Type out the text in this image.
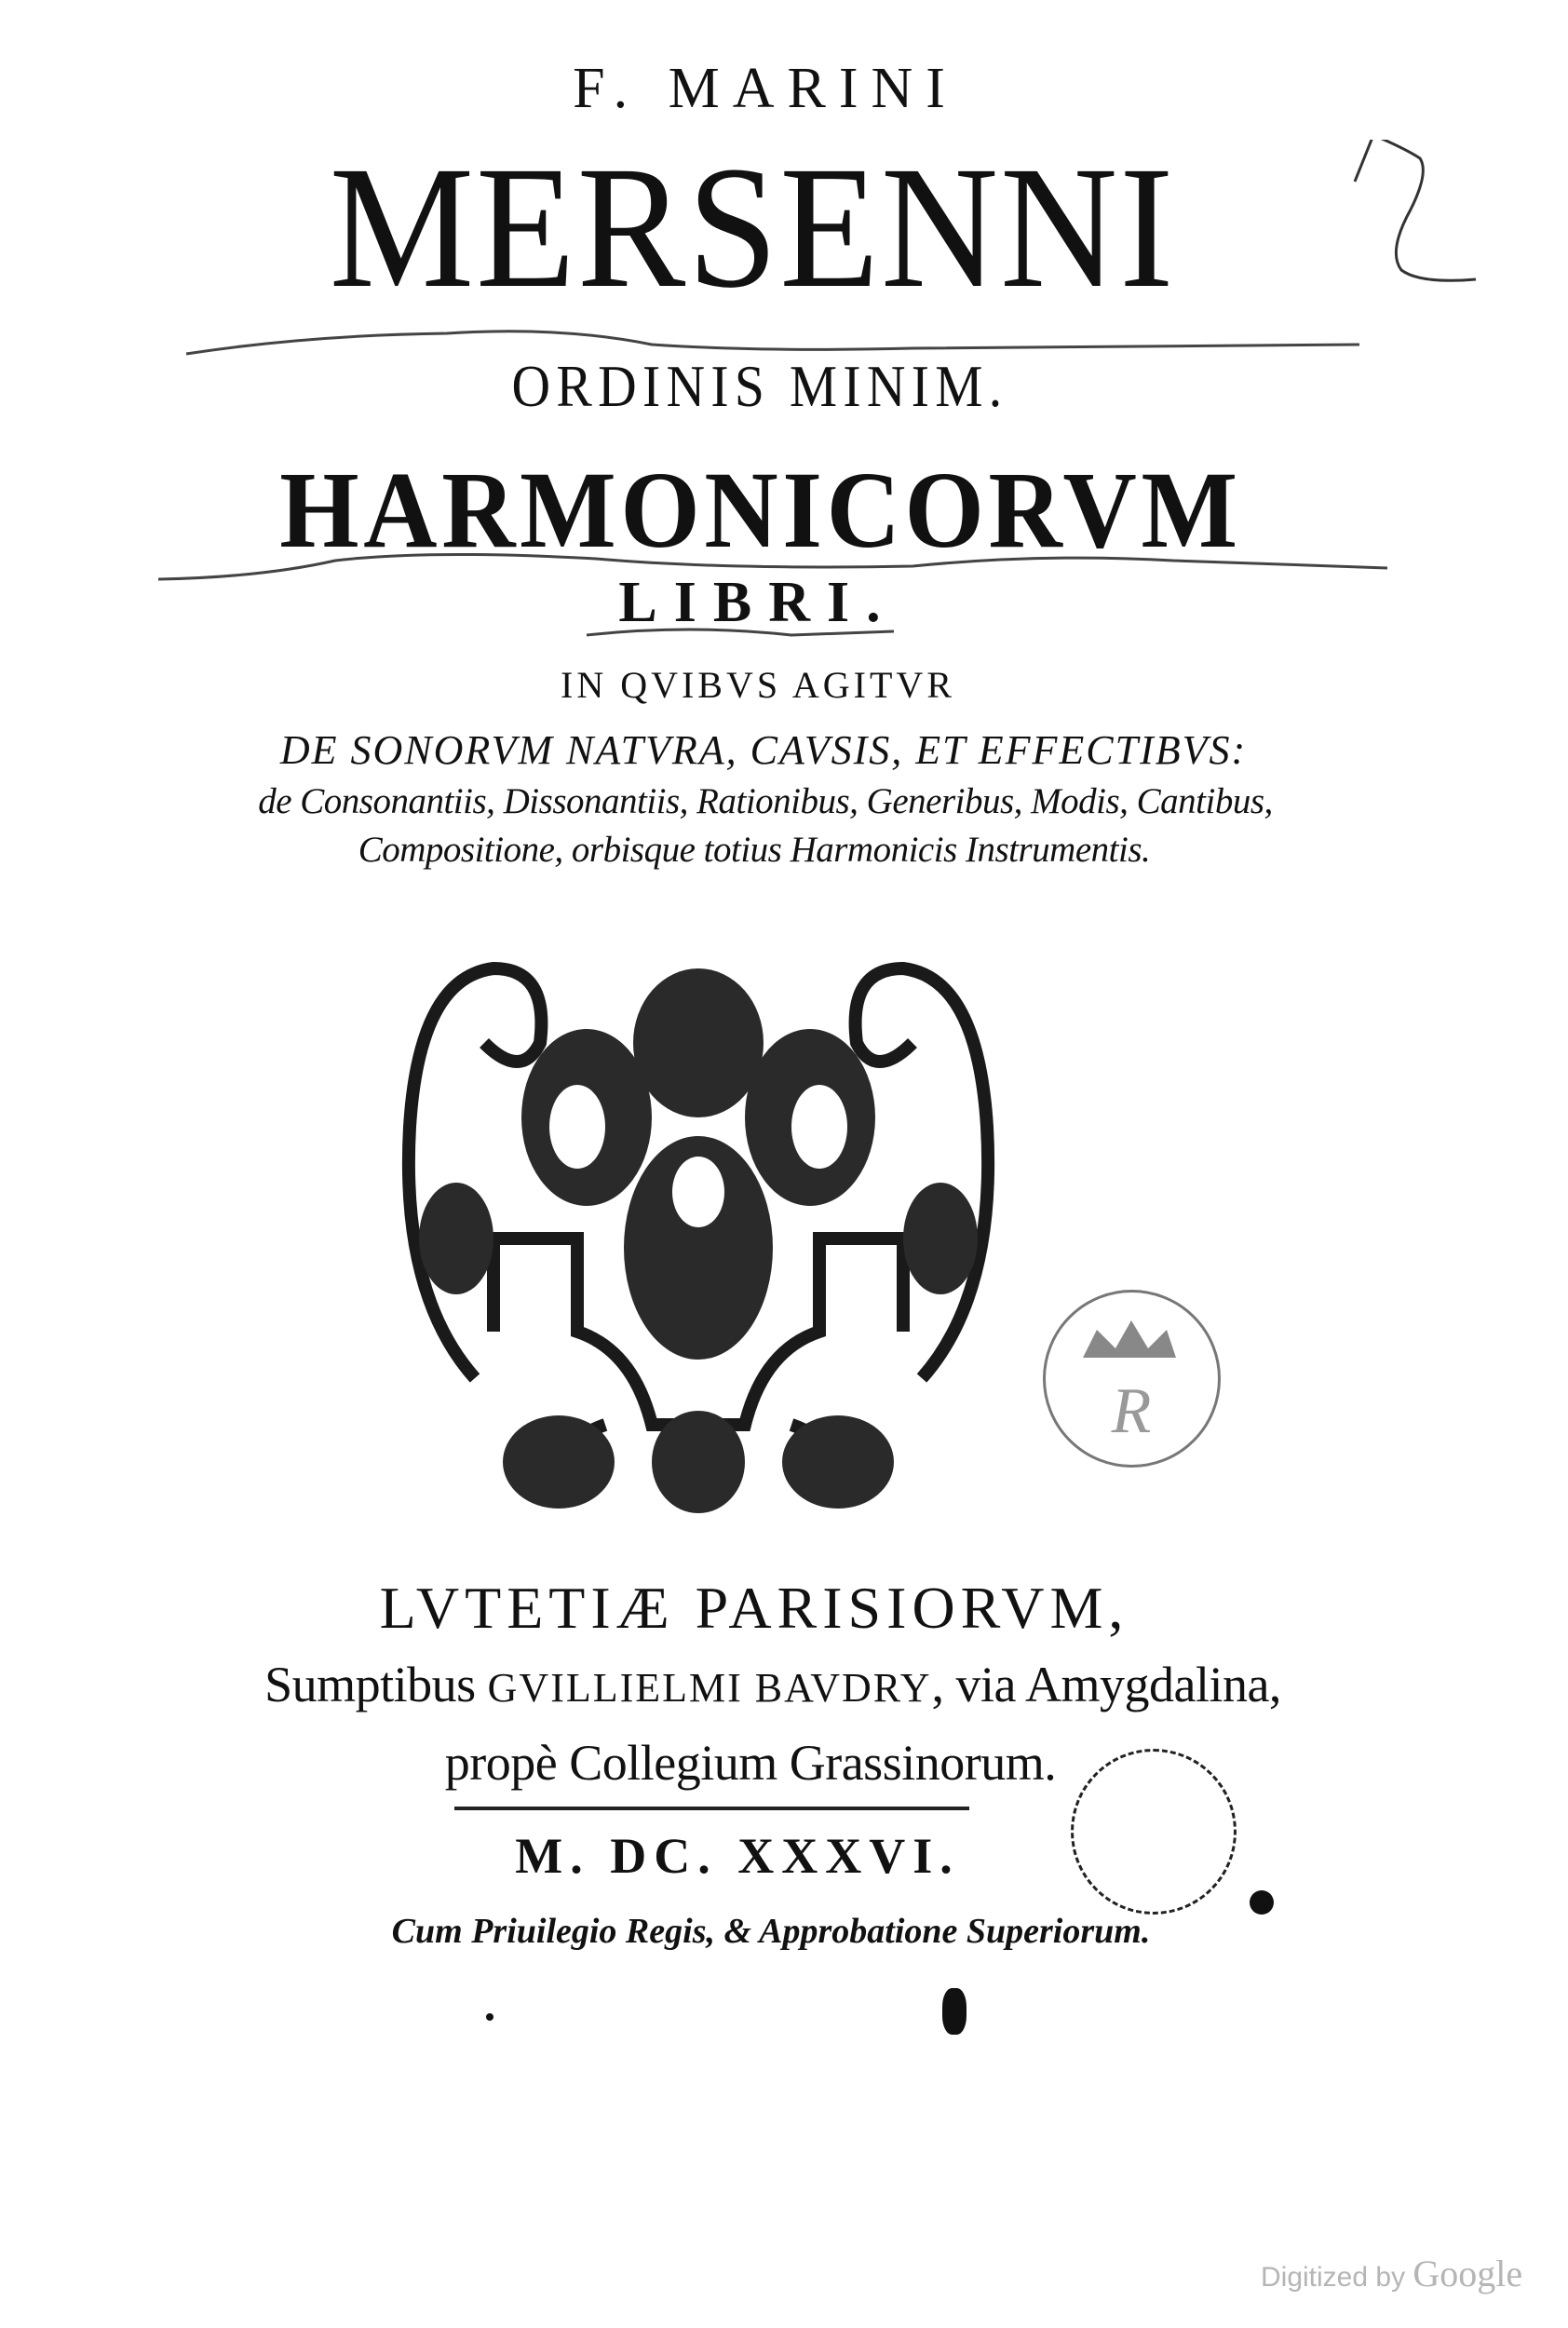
F. MARINI
MERSENNI
ORDINIS MINIM.
HARMONICORVM
LIBRI.
IN QVIBVS AGITVR
DE SONORVM NATVRA, CAVSIS, ET EFFECTIBVS:
de Consonantiis, Dissonantiis, Rationibus, Generibus, Modis, Cantibus,
Compositione, orbisque totius Harmonicis Instrumentis.
R
LVTETIÆ PARISIORVM,
Sumptibus GVILLIELMI BAVDRY, via Amygdalina,
propè Collegium Grassinorum.
M. DC. XXXVI.
Cum Priuilegio Regis, & Approbatione Superiorum.
Digitized by Google
